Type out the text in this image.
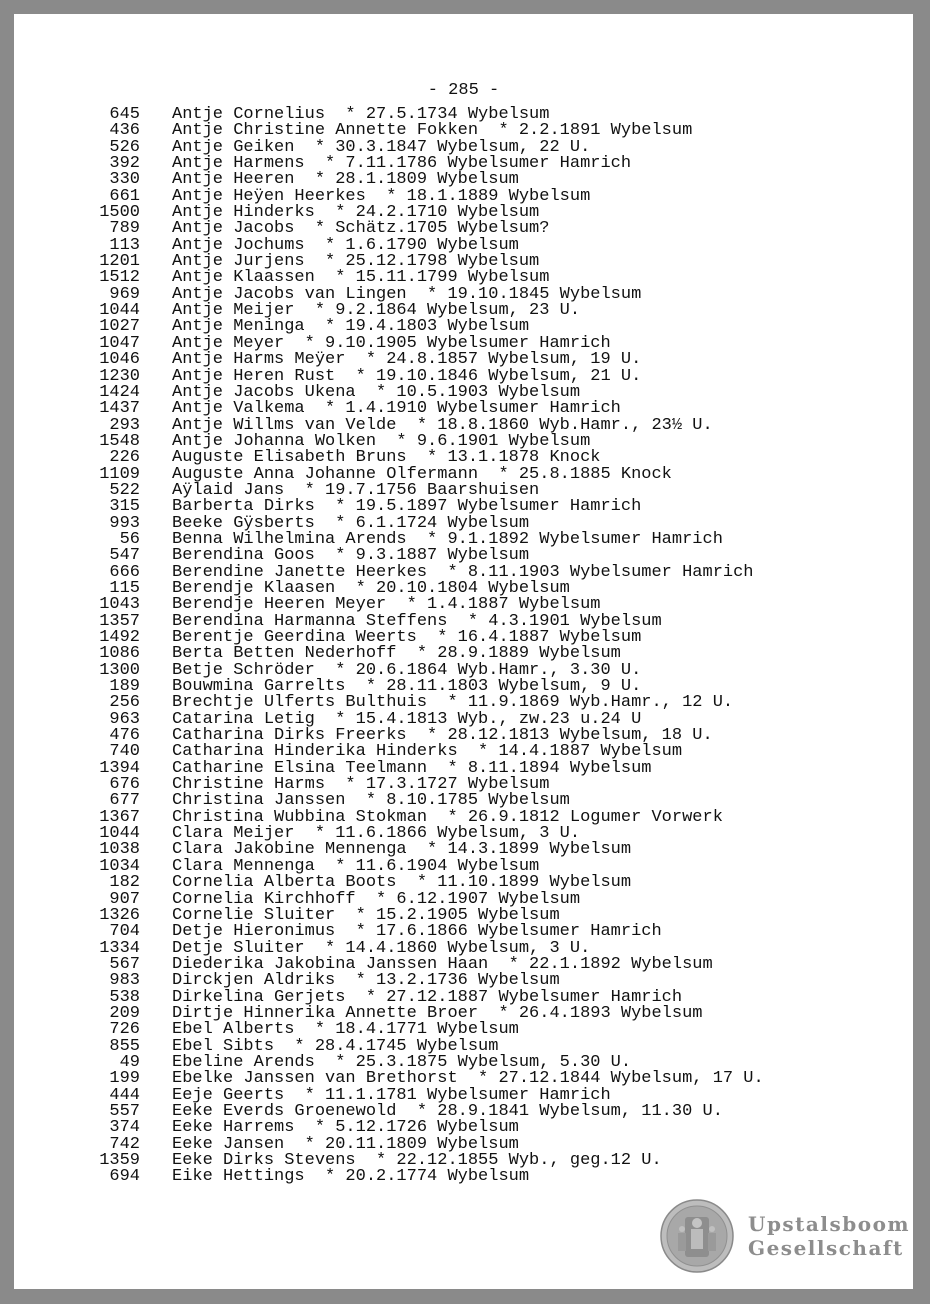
- 285 -
645 Antje Cornelius  * 27.5.1734 Wybelsum
436 Antje Christine Annette Fokken  * 2.2.1891 Wybelsum
526 Antje Geiken  * 30.3.1847 Wybelsum, 22 U.
392 Antje Harmens  * 7.11.1786 Wybelsumer Hamrich
330 Antje Heeren  * 28.1.1809 Wybelsum
661 Antje Heÿen Heerkes  * 18.1.1889 Wybelsum
1500 Antje Hinderks  * 24.2.1710 Wybelsum
789 Antje Jacobs  * Schätz.1705 Wybelsum?
113 Antje Jochums  * 1.6.1790 Wybelsum
1201 Antje Jurjens  * 25.12.1798 Wybelsum
1512 Antje Klaassen  * 15.11.1799 Wybelsum
969 Antje Jacobs van Lingen  * 19.10.1845 Wybelsum
1044 Antje Meijer  * 9.2.1864 Wybelsum, 23 U.
1027 Antje Meninga  * 19.4.1803 Wybelsum
1047 Antje Meyer  * 9.10.1905 Wybelsumer Hamrich
1046 Antje Harms Meÿer  * 24.8.1857 Wybelsum, 19 U.
1230 Antje Heren Rust  * 19.10.1846 Wybelsum, 21 U.
1424 Antje Jacobs Ukena  * 10.5.1903 Wybelsum
1437 Antje Valkema  * 1.4.1910 Wybelsumer Hamrich
293 Antje Willms van Velde  * 18.8.1860 Wyb.Hamr., 23½ U.
1548 Antje Johanna Wolken  * 9.6.1901 Wybelsum
226 Auguste Elisabeth Bruns  * 13.1.1878 Knock
1109 Auguste Anna Johanne Olfermann  * 25.8.1885 Knock
522 Aÿlaid Jans  * 19.7.1756 Baarshuisen
315 Barberta Dirks  * 19.5.1897 Wybelsumer Hamrich
993 Beeke Gÿsberts  * 6.1.1724 Wybelsum
56 Benna Wilhelmina Arends  * 9.1.1892 Wybelsumer Hamrich
547 Berendina Goos  * 9.3.1887 Wybelsum
666 Berendine Janette Heerkes  * 8.11.1903 Wybelsumer Hamrich
115 Berendje Klaasen  * 20.10.1804 Wybelsum
1043 Berendje Heeren Meyer  * 1.4.1887 Wybelsum
1357 Berendina Harmanna Steffens  * 4.3.1901 Wybelsum
1492 Berentje Geerdina Weerts  * 16.4.1887 Wybelsum
1086 Berta Betten Nederhoff  * 28.9.1889 Wybelsum
1300 Betje Schröder  * 20.6.1864 Wyb.Hamr., 3.30 U.
189 Bouwmina Garrelts  * 28.11.1803 Wybelsum, 9 U.
256 Brechtje Ulferts Bulthuis  * 11.9.1869 Wyb.Hamr., 12 U.
963 Catarina Letig  * 15.4.1813 Wyb., zw.23 u.24 U
476 Catharina Dirks Freerks  * 28.12.1813 Wybelsum, 18 U.
740 Catharina Hinderika Hinderks  * 14.4.1887 Wybelsum
1394 Catharine Elsina Teelmann  * 8.11.1894 Wybelsum
676 Christine Harms  * 17.3.1727 Wybelsum
677 Christina Janssen  * 8.10.1785 Wybelsum
1367 Christina Wubbina Stokman  * 26.9.1812 Logumer Vorwerk
1044 Clara Meijer  * 11.6.1866 Wybelsum, 3 U.
1038 Clara Jakobine Mennenga  * 14.3.1899 Wybelsum
1034 Clara Mennenga  * 11.6.1904 Wybelsum
182 Cornelia Alberta Boots  * 11.10.1899 Wybelsum
907 Cornelia Kirchhoff  * 6.12.1907 Wybelsum
1326 Cornelie Sluiter  * 15.2.1905 Wybelsum
704 Detje Hieronimus  * 17.6.1866 Wybelsumer Hamrich
1334 Detje Sluiter  * 14.4.1860 Wybelsum, 3 U.
567 Diederika Jakobina Janssen Haan  * 22.1.1892 Wybelsum
983 Dirckjen Aldriks  * 13.2.1736 Wybelsum
538 Dirkelina Gerjets  * 27.12.1887 Wybelsumer Hamrich
209 Dirtje Hinnerika Annette Broer  * 26.4.1893 Wybelsum
726 Ebel Alberts  * 18.4.1771 Wybelsum
855 Ebel Sibts  * 28.4.1745 Wybelsum
49 Ebeline Arends  * 25.3.1875 Wybelsum, 5.30 U.
199 Ebelke Janssen van Brethorst  * 27.12.1844 Wybelsum, 17 U.
444 Eeje Geerts  * 11.1.1781 Wybelsumer Hamrich
557 Eeke Everds Groenewold  * 28.9.1841 Wybelsum, 11.30 U.
374 Eeke Harrems  * 5.12.1726 Wybelsum
742 Eeke Jansen  * 20.11.1809 Wybelsum
1359 Eeke Dirks Stevens  * 22.12.1855 Wyb., geg.12 U.
694 Eike Hettings  * 20.2.1774 Wybelsum
Upstalsboom
Gesellschaft
